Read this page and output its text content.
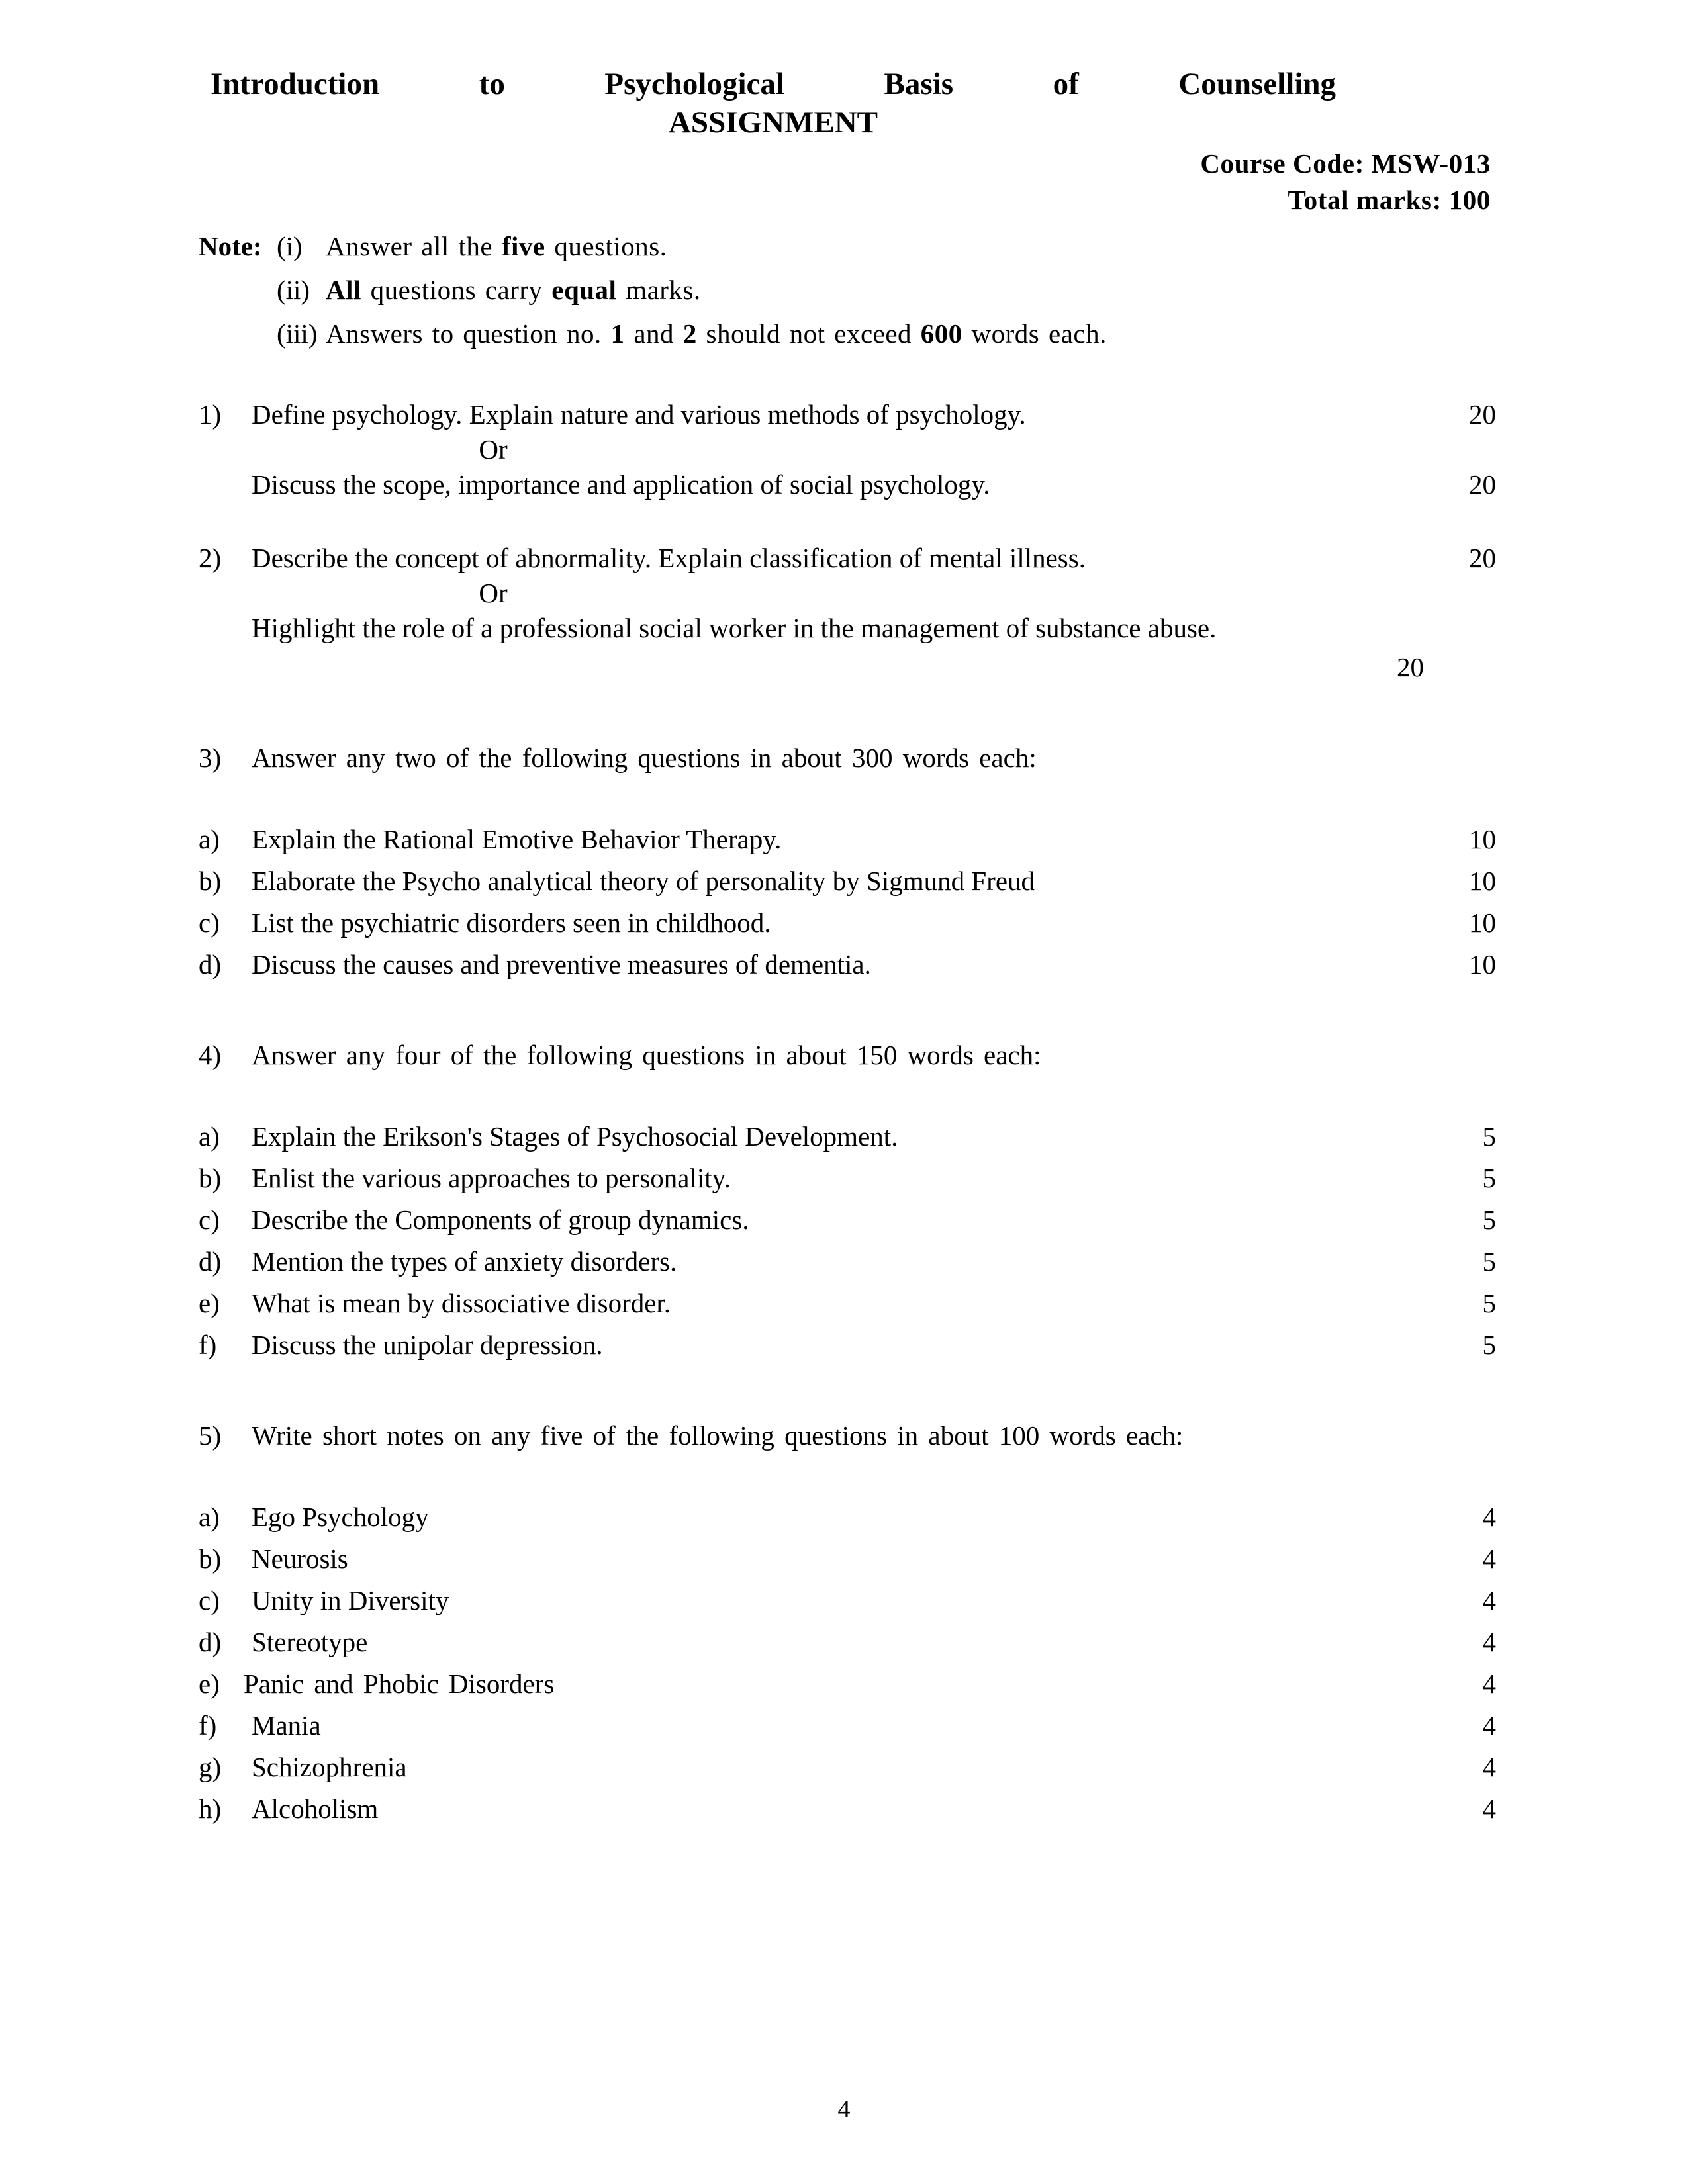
Introduction to Psychological Basis of Counselling
ASSIGNMENT
Course Code: MSW-013
Total marks: 100
Note: (i) Answer all the five questions.
(ii) All questions carry equal marks.
(iii) Answers to question no. 1 and 2 should not exceed 600 words each.
1)	Define psychology. Explain nature and various methods of psychology.	20
Or
Discuss the scope, importance and application of social psychology.	20
2)	Describe the concept of abnormality. Explain classification of mental illness.	20
Or
Highlight the role of a professional social worker in the management of substance abuse.
20
3)	Answer any two of the following questions in about 300 words each:
a)	Explain the Rational Emotive Behavior Therapy.	10
b)	Elaborate the Psycho analytical theory of personality by Sigmund Freud	10
c)	List the psychiatric disorders seen in childhood.	10
d)	Discuss the causes and preventive measures of dementia.	10
4)	Answer any four of the following questions in about 150 words each:
a)	Explain the Erikson's Stages of Psychosocial Development.	5
b)	Enlist the various approaches to personality.	5
c)	Describe the Components of group dynamics.	5
d)	Mention the types of anxiety disorders.	5
e)	What is mean by dissociative disorder.	5
f)	Discuss the unipolar depression.	5
5)	Write short notes on any five of the following questions in about 100 words each:
a)	Ego Psychology	4
b)	Neurosis	4
c)	Unity in Diversity	4
d)	Stereotype	4
e) Panic and Phobic Disorders	4
f)	Mania	4
g)	Schizophrenia	4
h)	Alcoholism	4
4
